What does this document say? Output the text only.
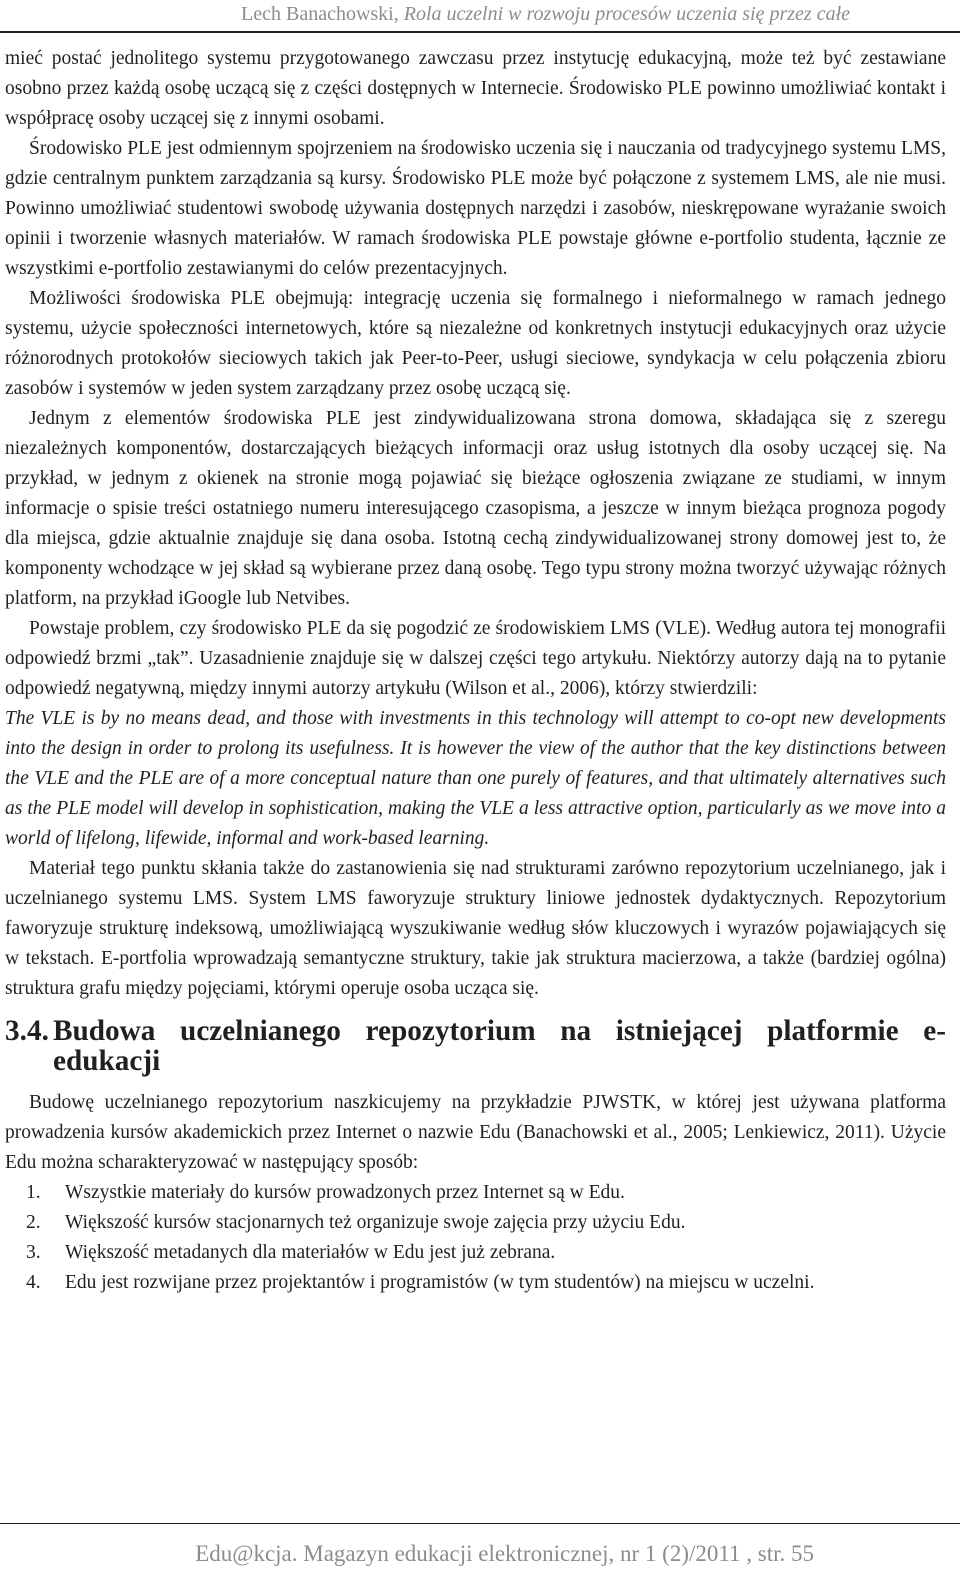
Lech Banachowski, Rola uczelni w rozwoju procesów uczenia się przez całe

mieć postać jednolitego systemu przygotowanego zawczasu przez instytucję edukacyjną, może też być zestawiane osobno przez każdą osobę uczącą się z części dostępnych w Internecie. Środowisko PLE powinno umożliwiać kontakt i współpracę osoby uczącej się z innymi osobami.

Środowisko PLE jest odmiennym spojrzeniem na środowisko uczenia się i nauczania od tradycyjnego systemu LMS, gdzie centralnym punktem zarządzania są kursy. Środowisko PLE może być połączone z systemem LMS, ale nie musi. Powinno umożliwiać studentowi swobodę używania dostępnych narzędzi i zasobów, nieskrępowane wyrażanie swoich opinii i tworzenie własnych materiałów. W ramach środowiska PLE powstaje główne e-portfolio studenta, łącznie ze wszystkimi e-portfolio zestawianymi do celów prezentacyjnych.

Możliwości środowiska PLE obejmują: integrację uczenia się formalnego i nieformalnego w ramach jednego systemu, użycie społeczności internetowych, które są niezależne od konkretnych instytucji edukacyjnych oraz użycie różnorodnych protokołów sieciowych takich jak Peer-to-Peer, usługi sieciowe, syndykacja w celu połączenia zbioru zasobów i systemów w jeden system zarządzany przez osobę uczącą się.

Jednym z elementów środowiska PLE jest zindywidualizowana strona domowa, składająca się z szeregu niezależnych komponentów, dostarczających bieżących informacji oraz usług istotnych dla osoby uczącej się. Na przykład, w jednym z okienek na stronie mogą pojawiać się bieżące ogłoszenia związane ze studiami, w innym informacje o spisie treści ostatniego numeru interesującego czasopisma, a jeszcze w innym bieżąca prognoza pogody dla miejsca, gdzie aktualnie znajduje się dana osoba. Istotną cechą zindywidualizowanej strony domowej jest to, że komponenty wchodzące w jej skład są wybierane przez daną osobę. Tego typu strony można tworzyć używając różnych platform, na przykład iGoogle lub Netvibes.

Powstaje problem, czy środowisko PLE da się pogodzić ze środowiskiem LMS (VLE). Według autora tej monografii odpowiedź brzmi „tak”. Uzasadnienie znajduje się w dalszej części tego artykułu. Niektórzy autorzy dają na to pytanie odpowiedź negatywną, między innymi autorzy artykułu (Wilson et al., 2006), którzy stwierdzili:

The VLE is by no means dead, and those with investments in this technology will attempt to co-opt new developments into the design in order to prolong its usefulness. It is however the view of the author that the key distinctions between the VLE and the PLE are of a more conceptual nature than one purely of features, and that ultimately alternatives such as the PLE model will develop in sophistication, making the VLE a less attractive option, particularly as we move into a world of lifelong, lifewide, informal and work-based learning.

Materiał tego punktu skłania także do zastanowienia się nad strukturami zarówno repozytorium uczelnianego, jak i uczelnianego systemu LMS. System LMS faworyzuje struktury liniowe jednostek dydaktycznych. Repozytorium faworyzuje strukturę indeksową, umożliwiającą wyszukiwanie według słów kluczowych i wyrazów pojawiających się w tekstach. E-portfolia wprowadzają semantyczne struktury, takie jak struktura macierzowa, a także (bardziej ogólna) struktura grafu między pojęciami, którymi operuje osoba ucząca się.

3.4. Budowa uczelnianego repozytorium na istniejącej platformie e-edukacji

Budowę uczelnianego repozytorium naszkicujemy na przykładzie PJWSTK, w której jest używana platforma prowadzenia kursów akademickich przez Internet o nazwie Edu (Banachowski et al., 2005; Lenkiewicz, 2011). Użycie Edu można scharakteryzować w następujący sposób:

1.	Wszystkie materiały do kursów prowadzonych przez Internet są w Edu.
2.	Większość kursów stacjonarnych też organizuje swoje zajęcia przy użyciu Edu.
3.	Większość metadanych dla materiałów w Edu jest już zebrana.
4.	Edu jest rozwijane przez projektantów i programistów (w tym studentów) na miejscu w uczelni.
Edu@kcja. Magazyn edukacji elektronicznej, nr 1 (2)/2011 , str. 55
